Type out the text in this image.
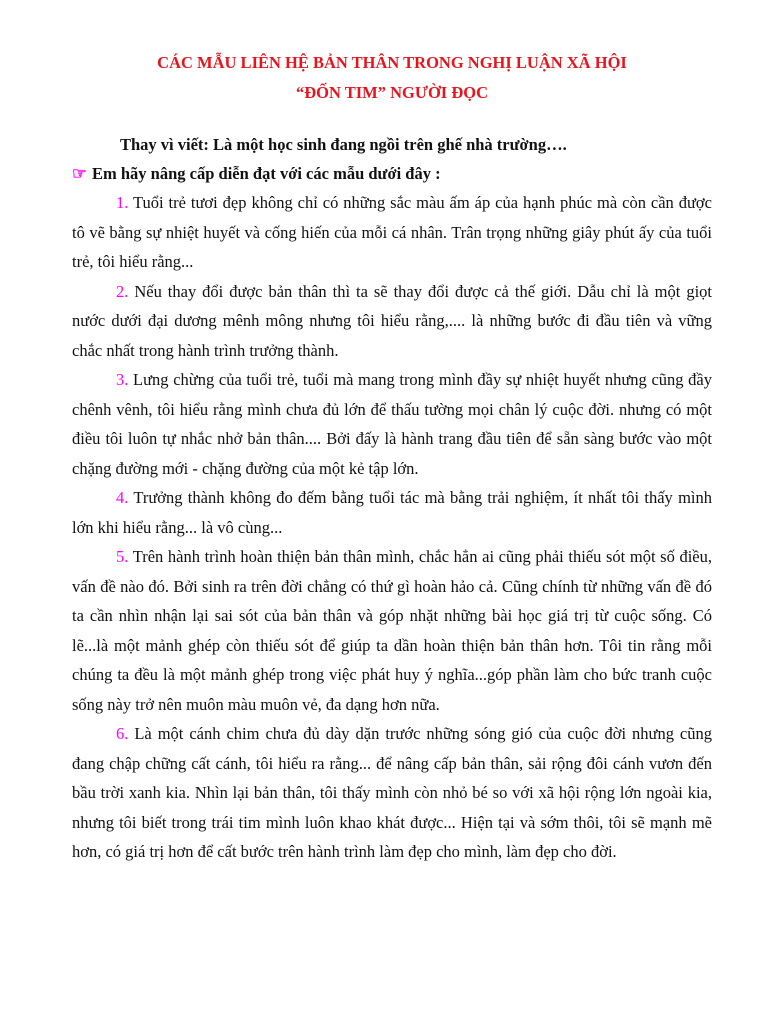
CÁC MẪU LIÊN HỆ BẢN THÂN TRONG NGHỊ LUẬN XÃ HỘI

“ĐỐN TIM” NGƯỜI ĐỌC

Thay vì viết: Là một học sinh đang ngồi trên ghế nhà trường….

☞ Em hãy nâng cấp diễn đạt với các mẫu dưới đây :

1. Tuổi trẻ tươi đẹp không chỉ có những sắc màu ấm áp của hạnh phúc mà còn cần được tô vẽ bằng sự nhiệt huyết và cống hiến của mỗi cá nhân. Trân trọng những giây phút ấy của tuổi trẻ, tôi hiểu rằng...

2. Nếu thay đổi được bản thân thì ta sẽ thay đổi được cả thế giới. Dẫu chỉ là một giọt nước dưới đại dương mênh mông nhưng tôi hiểu rằng,.... là những bước đi đầu tiên và vững chắc nhất trong hành trình trưởng thành.

3. Lưng chừng của tuổi trẻ, tuổi mà mang trong mình đầy sự nhiệt huyết nhưng cũng đầy chênh vênh, tôi hiểu rằng mình chưa đủ lớn để thấu tường mọi chân lý cuộc đời. nhưng có một điều tôi luôn tự nhắc nhở bản thân.... Bởi đấy là hành trang đầu tiên để sẵn sàng bước vào một chặng đường mới - chặng đường của một kẻ tập lớn.

4. Trưởng thành không đo đếm bằng tuổi tác mà bằng trải nghiệm, ít nhất tôi thấy mình lớn khi hiểu rằng... là vô cùng...

5. Trên hành trình hoàn thiện bản thân mình, chắc hẳn ai cũng phải thiếu sót một số điều, vấn đề nào đó. Bởi sinh ra trên đời chẳng có thứ gì hoàn hảo cả. Cũng chính từ những vấn đề đó ta cần nhìn nhận lại sai sót của bản thân và góp nhặt những bài học giá trị từ cuộc sống. Có lẽ...là một mảnh ghép còn thiếu sót để giúp ta dần hoàn thiện bản thân hơn. Tôi tin rằng mỗi chúng ta đều là một mảnh ghép trong việc phát huy ý nghĩa...góp phần làm cho bức tranh cuộc sống này trở nên muôn màu muôn vẻ, đa dạng hơn nữa.

6. Là một cánh chim chưa đủ dày dặn trước những sóng gió của cuộc đời nhưng cũng đang chập chững cất cánh, tôi hiểu ra rằng... để nâng cấp bản thân, sải rộng đôi cánh vươn đến bầu trời xanh kia. Nhìn lại bản thân, tôi thấy mình còn nhỏ bé so với xã hội rộng lớn ngoài kia, nhưng tôi biết trong trái tim mình luôn khao khát được... Hiện tại và sớm thôi, tôi sẽ mạnh mẽ hơn, có giá trị hơn để cất bước trên hành trình làm đẹp cho mình, làm đẹp cho đời.
